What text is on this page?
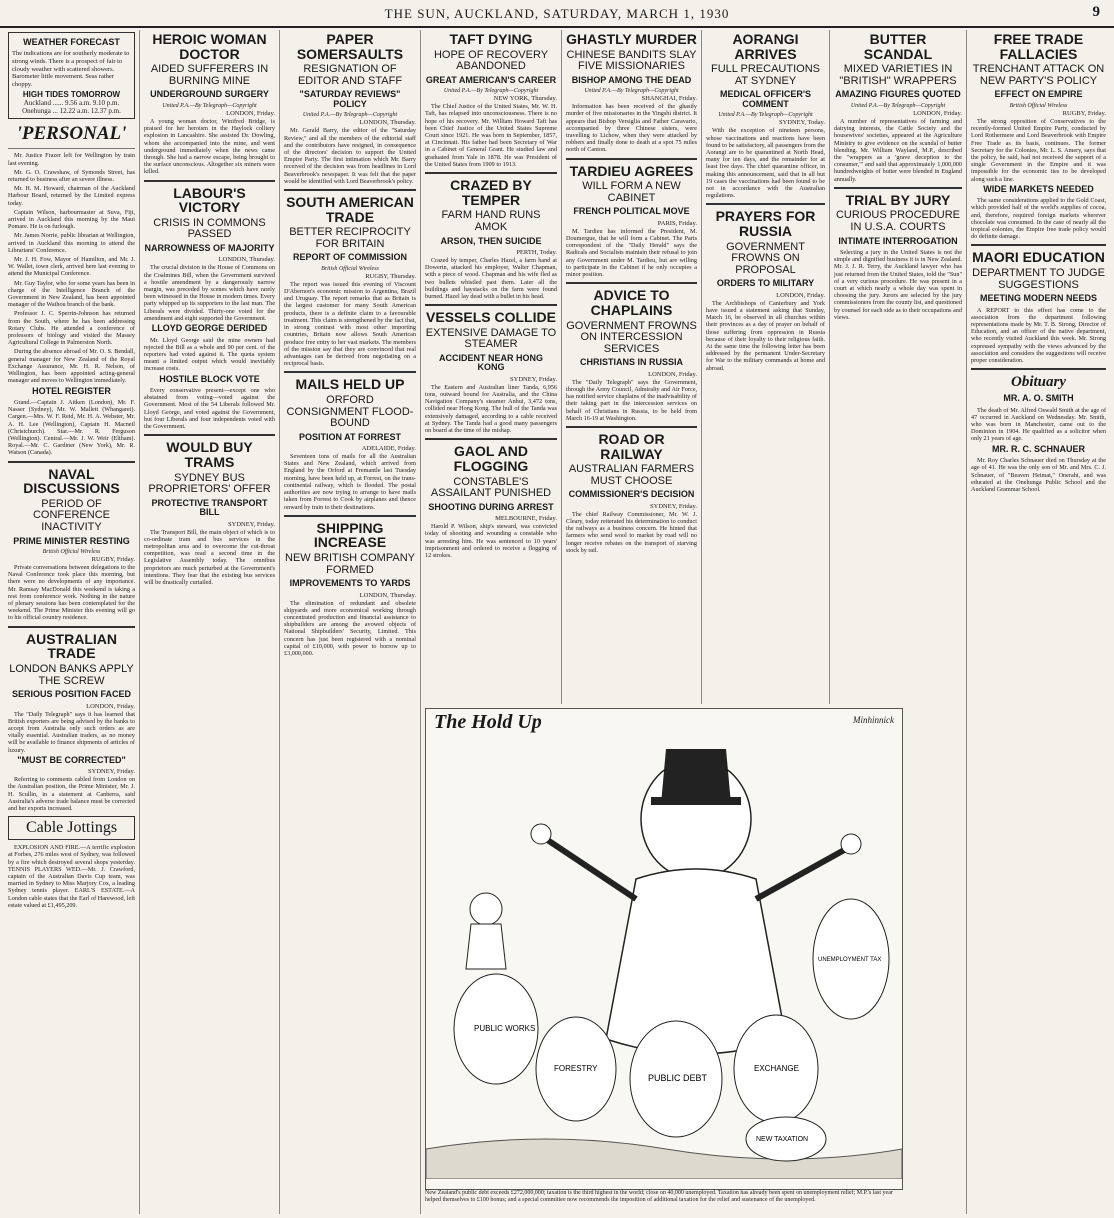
THE SUN, AUCKLAND, SATURDAY, MARCH 1, 1930	9
WEATHER FORECAST
The indications are for southerly moderate to strong winds. There is a prospect of fair to cloudy weather with scattered showers. Barometer little movement. Seas rather choppy.
HIGH TIDES TOMORROW
Auckland ...... 9.56 a.m. 9.10 p.m.
Onehunga ... 12.22 a.m. 12.37 p.m.
'PERSONAL'

Mr. Justice Frazer left for Wellington by train last evening.

Mr. G. O. Crawshaw, of Symonds Street, has returned to business after an severe illness.

Mr. H. M. Howard, chairman of the Auckland Harbour Board, returned by the Limited express today.

Captain Wilson, harbourmaster at Suva, Fiji, arrived in Auckland this morning by the Maui Pomare. He is on furlough.

Mr. James Norrie, public librarian at Wellington, arrived in Auckland this morning to attend the Librarians' Conference.

Mr. J. H. Fow, Mayor of Hamilton, and Mr. J. W. Wallet, town clerk, arrived here last evening to attend the Municipal Conference.

Mr. Guy Taylor, who for some years has been in charge of the Intelligence Branch of the Government in New Zealand, has been appointed manager of the Waihou branch of the bank.

Professor J. C. Sperrin-Johnson has returned from the South, where he has been addressing Rotary Clubs. He attended a conference of professors of biology and visited the Massey Agricultural College in Palmerston North.

During the absence abroad of Mr. O. S. Bendall, general manager for New Zealand of the Royal Exchange Assurance, Mr. H. R. Nelson, of Wellington, has been appointed acting-general manager and moves to Wellington immediately.

HOTEL REGISTER

Grand.—Captain J. Aitken (London), Mr. F. Nasser (Sydney), Mr. W. Mallett (Whangarei). Cargen.—Mrs. W. F. Reid, Mr. H. A. Webster, Mr. A. H. Lee (Wellington), Captain H. Macneil (Christchurch). Star.—Mr. R. Ferguson (Wellington). Central.—Mr. J. W. Weir (Eltham). Royal.—Mr. C. Gardiner (New York), Mr. R. Watson (Canada).

NAVAL DISCUSSIONS
PERIOD OF CONFERENCE INACTIVITY
PRIME MINISTER RESTING
British Official Wireless
RUGBY, Friday.

Private conversations between delegations to the Naval Conference took place this morning, but there were no developments of any importance. Mr. Ramsay MacDonald this weekend is taking a rest from conference work. Nothing in the nature of plenary sessions has been contemplated for the weekend. The Prime Minister this evening will go to his official country residence.

AUSTRALIAN TRADE
LONDON BANKS APPLY THE SCREW
SERIOUS POSITION FACED
LONDON, Friday.

The "Daily Telegraph" says it has learned that British exporters are being advised by the banks to accept from Australia only such orders as are vitally essential. Australian traders, as no money will be available to finance shipments of articles of luxury.

"MUST BE CORRECTED"
SYDNEY, Friday.

Referring to comments cabled from London on the Australian position, the Prime Minister, Mr. J. H. Scullin, in a statement at Canberra, said Australia's adverse trade balance must be corrected and her exports increased.

Cable Jottings

EXPLOSION AND FIRE.—A terrific explosion at Forbes, 276 miles west of Sydney, was followed by a fire which destroyed several shops yesterday. TENNIS PLAYERS WED.—Mr. J. Crawford, captain of the Australian Davis Cup team, was married in Sydney to Miss Marjory Cox, a leading Sydney tennis player. EARL'S ESTATE.—A London cable states that the Earl of Harewood, left estate valued at £1,495,209.

HEROIC WOMAN DOCTOR
AIDED SUFFERERS IN BURNING MINE
UNDERGROUND SURGERY
United P.A.—By Telegraph—Copyright
LONDON, Friday.

A young woman doctor, Winifred Bridge, is praised for her heroism in the Haylock colliery explosion in Lancashire. She assisted Dr. Dowling, whom she accompanied into the mine, and went underground immediately when the news came through. She had a narrow escape, being brought to the surface unconscious. Altogether six miners were killed.

LABOUR'S VICTORY
CRISIS IN COMMONS PASSED
NARROWNESS OF MAJORITY
LONDON, Thursday.

The crucial division in the House of Commons on the Coalmines Bill, when the Government survived a hostile amendment by a dangerously narrow margin, was preceded by scenes which have rarely been witnessed in the House in modern times. Every party whipped up its supporters to the last man. The Liberals were divided. Thirty-one voted for the amendment and eight supported the Government.

LLOYD GEORGE DERIDED

Mr. Lloyd George said the mine owners had rejected the Bill as a whole and 90 per cent. of the reporters had voted against it. The quota system meant a limited output which would inevitably increase costs.

HOSTILE BLOCK VOTE

Every conservative present—except one who abstained from voting—voted against the Government. Most of the 54 Liberals followed Mr. Lloyd George, and voted against the Government, but four Liberals and four independents voted with the Government.

WOULD BUY TRAMS
SYDNEY BUS PROPRIETORS' OFFER
PROTECTIVE TRANSPORT BILL
SYDNEY, Friday.

The Transport Bill, the main object of which is to co-ordinate tram and bus services in the metropolitan area and to overcome the cut-throat competition, was read a second time in the Legislative Assembly today. The omnibus proprietors are much perturbed at the Government's intentions. They fear that the existing bus services will be drastically curtailed.

PAPER SOMERSAULTS
RESIGNATION OF EDITOR AND STAFF
"SATURDAY REVIEWS" POLICY
United P.A.—By Telegraph—Copyright
LONDON, Thursday.

Mr. Gerald Barry, the editor of the "Saturday Review," and all the members of the editorial staff and the contributors have resigned, in consequence of the directors' decision to support the United Empire Party. The first intimation which Mr. Barry received of the decision was from headlines in Lord Beaverbrook's newspaper. It was felt that the paper would be identified with Lord Beaverbrook's policy.

SOUTH AMERICAN TRADE
BETTER RECIPROCITY FOR BRITAIN
REPORT OF COMMISSION
British Official Wireless
RUGBY, Thursday.

The report was issued this evening of Viscount D'Abernon's economic mission to Argentina, Brazil and Uruguay. The report remarks that as Britain is the largest customer for many South American products, there is a definite claim to a favourable treatment. This claim is strengthened by the fact that, in strong contrast with most other importing countries, Britain now allows South American produce free entry to her vast markets. The members of the mission say that they are convinced that real advantages can be derived from negotiating on a reciprocal basis.

MAILS HELD UP
ORFORD CONSIGNMENT FLOOD-BOUND
POSITION AT FORREST
ADELAIDE, Friday.

Seventeen tons of mails for all the Australian States and New Zealand, which arrived from England by the Orford at Fremantle last Tuesday morning, have been held up, at Forrest, on the trans-continental railway, which is flooded. The postal authorities are now trying to arrange to have mails taken from Forrest to Cook by airplanes and thence onward by train to their destinations.

SHIPPING INCREASE
NEW BRITISH COMPANY FORMED
IMPROVEMENTS TO YARDS
LONDON, Thursday.

The elimination of redundant and obsolete shipyards and more economical working through concentrated production and financial assistance to shipbuilders are among the avowed objects of National Shipbuilders' Security, Limited. This concern has just been registered with a nominal capital of £10,000, with power to borrow up to £3,000,000.

TAFT DYING
HOPE OF RECOVERY ABANDONED
GREAT AMERICAN'S CAREER
United P.A.—By Telegraph—Copyright
NEW YORK, Thursday.

The Chief Justice of the United States, Mr. W. H. Taft, has relapsed into unconsciousness. There is no hope of his recovery. Mr. William Howard Taft has been Chief Justice of the United States Supreme Court since 1921. He was born in September, 1857, at Cincinnati. His father had been Secretary of War in a Cabinet of General Grant. He studied law and graduated from Yale in 1878. He was President of the United States from 1909 to 1913.

CRAZED BY TEMPER
FARM HAND RUNS AMOK
ARSON, THEN SUICIDE
PERTH, Today.

Crazed by temper, Charles Hazel, a farm hand at Dowerin, attacked his employer, Walter Chapman, with a piece of wood. Chapman and his wife fled as two bullets whistled past them. Later all the buildings and haystacks on the farm were found burned. Hazel lay dead with a bullet in his head.

VESSELS COLLIDE
EXTENSIVE DAMAGE TO STEAMER
ACCIDENT NEAR HONG KONG
SYDNEY, Friday.

The Eastern and Australian liner Tanda, 6,956 tons, outward bound for Australia, and the China Navigation Company's steamer Anhui, 3,472 tons, collided near Hong Kong. The hull of the Tanda was extensively damaged, according to a cable received at Sydney. The Tanda had a good many passengers on board at the time of the mishap.

GAOL AND FLOGGING
CONSTABLE'S ASSAILANT PUNISHED
SHOOTING DURING ARREST
MELBOURNE, Friday.

Harold P. Wilson, ship's steward, was convicted today of shooting and wounding a constable who was arresting him. He was sentenced to 10 years' imprisonment and ordered to receive a flogging of 12 strokes.

GHASTLY MURDER
CHINESE BANDITS SLAY FIVE MISSIONARIES
BISHOP AMONG THE DEAD
United P.A.—By Telegraph—Copyright
SHANGHAI, Friday.

Information has been received of the ghastly murder of five missionaries in the Yingshi district. It appears that Bishop Versiglia and Father Caravario, accompanied by three Chinese sisters, were travelling to Lichow, when they were attacked by robbers and finally done to death at a spot 75 miles north of Canton.

TARDIEU AGREES
WILL FORM A NEW CABINET
FRENCH POLITICAL MOVE
PARIS, Friday.

M. Tardieu has informed the President, M. Doumergue, that he will form a Cabinet. The Paris correspondent of the "Daily Herald" says the Radicals and Socialists maintain their refusal to join any Government under M. Tardieu, but are willing to participate in the Cabinet if he only occupies a minor position.

ADVICE TO CHAPLAINS
GOVERNMENT FROWNS ON INTERCESSION SERVICES
CHRISTIANS IN RUSSIA
LONDON, Friday.

The "Daily Telegraph" says the Government, through the Army Council, Admiralty and Air Force, has notified service chaplains of the inadvisability of their taking part in the intercession services on behalf of Christians in Russia, to be held from March 16-19 at Washington.

ROAD OR RAILWAY
AUSTRALIAN FARMERS MUST CHOOSE
COMMISSIONER'S DECISION
SYDNEY, Friday.

The chief Railway Commissioner, Mr. W. J. Cleary, today reiterated his determination to conduct the railways as a business concern. He hinted that farmers who send wool to market by road will no longer receive rebates on the transport of starving stock by rail.

AORANGI ARRIVES
FULL PRECAUTIONS AT SYDNEY
MEDICAL OFFICER'S COMMENT
United P.A.—By Telegraph—Copyright
SYDNEY, Today.

With the exception of nineteen persons, whose vaccinations and reactions have been found to be satisfactory, all passengers from the Aorangi are to be quarantined at North Head, many for ten days, and the remainder for at least five days. The chief quarantine officer, in making this announcement, said that in all but 19 cases the vaccinations had been found to be not in accordance with the Australian regulations.

PRAYERS FOR RUSSIA
GOVERNMENT FROWNS ON PROPOSAL
ORDERS TO MILITARY
LONDON, Friday.

The Archbishops of Canterbury and York have issued a statement asking that Sunday, March 16, be observed in all churches within their provinces as a day of prayer on behalf of those suffering from oppression in Russia because of their loyalty to their religious faith. At the same time the following letter has been addressed by the permanent Under-Secretary for War to the military commands at home and abroad.

BUTTER SCANDAL
MIXED VARIETIES IN "BRITISH" WRAPPERS
AMAZING FIGURES QUOTED
United P.A.—By Telegraph—Copyright
LONDON, Friday.

A number of representatives of farming and dairying interests, the Cattle Society and the housewives' societies, appeared at the Agriculture Ministry to give evidence on the scandal of butter blending. Mr. William Wayland, M.P., described the "wrappers as a 'grave deception to the consumer,'" and said that approximately 1,000,000 hundredweights of butter were blended in England annually.

TRIAL BY JURY
CURIOUS PROCEDURE IN U.S.A. COURTS
INTIMATE INTERROGATION

Selecting a jury in the United States is not the simple and dignified business it is in New Zealand. Mr. J. J. R. Terry, the Auckland lawyer who has just returned from the United States, told the "Sun" of a very curious procedure. He was present in a court at which nearly a whole day was spent in choosing the jury. Jurors are selected by the jury commissioners from the county list, and questioned by counsel for each side as to their occupations and views.

FREE TRADE FALLACIES
TRENCHANT ATTACK ON NEW PARTY'S POLICY
EFFECT ON EMPIRE
British Official Wireless
RUGBY, Friday.

The strong opposition of Conservatives to the recently-formed United Empire Party, conducted by Lord Rothermere and Lord Beaverbrook with Empire Free Trade as its basis, continues. The former Secretary for the Colonies, Mr. L. S. Amery, says that the policy, he said, had not received the support of a single Government in the Empire and it was impossible for the economic ties to be developed along such a line.

WIDE MARKETS NEEDED

The same considerations applied to the Gold Coast, which provided half of the world's supplies of cocoa, and, therefore, required foreign markets wherever chocolate was consumed. In the case of nearly all the tropical colonies, the Empire free trade policy would do definite damage.

MAORI EDUCATION
DEPARTMENT TO JUDGE SUGGESTIONS
MEETING MODERN NEEDS

A REPORT to this effect has come to the association from the department following representations made by Mr. T. B. Strong, Director of Education, and an officer of the native department, who recently visited Auckland this week. Mr. Strong expressed sympathy with the views advanced by the association and considers the suggestions will receive proper consideration.

Obituary
MR. A. O. SMITH

The death of Mr. Alfred Oswald Smith at the age of 47 occurred in Auckland on Wednesday. Mr. Smith, who was born in Manchester, came out to the Dominion in 1904. He qualified as a solicitor when only 21 years of age.

MR. R. C. SCHNAUER

Mr. Roy Charles Schnauer died on Thursday at the age of 41. He was the only son of Mr. and Mrs. C. J. Schnauer, of "Beaven Heimat," Onerahi, and was educated at the Onehunga Public School and the Auckland Grammar School.

The Hold Up	Minhinnick
PUBLIC WORKS
FORESTRY
PUBLIC DEBT
EXCHANGE
UNEMPLOYMENT TAX
NEW TAXATION
New Zealand's public debt exceeds £272,000,000; taxation is the third highest in the world; close on 40,000 unemployed. Taxation has already been spent on unemployment relief; M.P.'s last year helped themselves to £100 bonus; and a special committee now recommends the imposition of additional taxation for the relief and sustenance of the unemployed.
